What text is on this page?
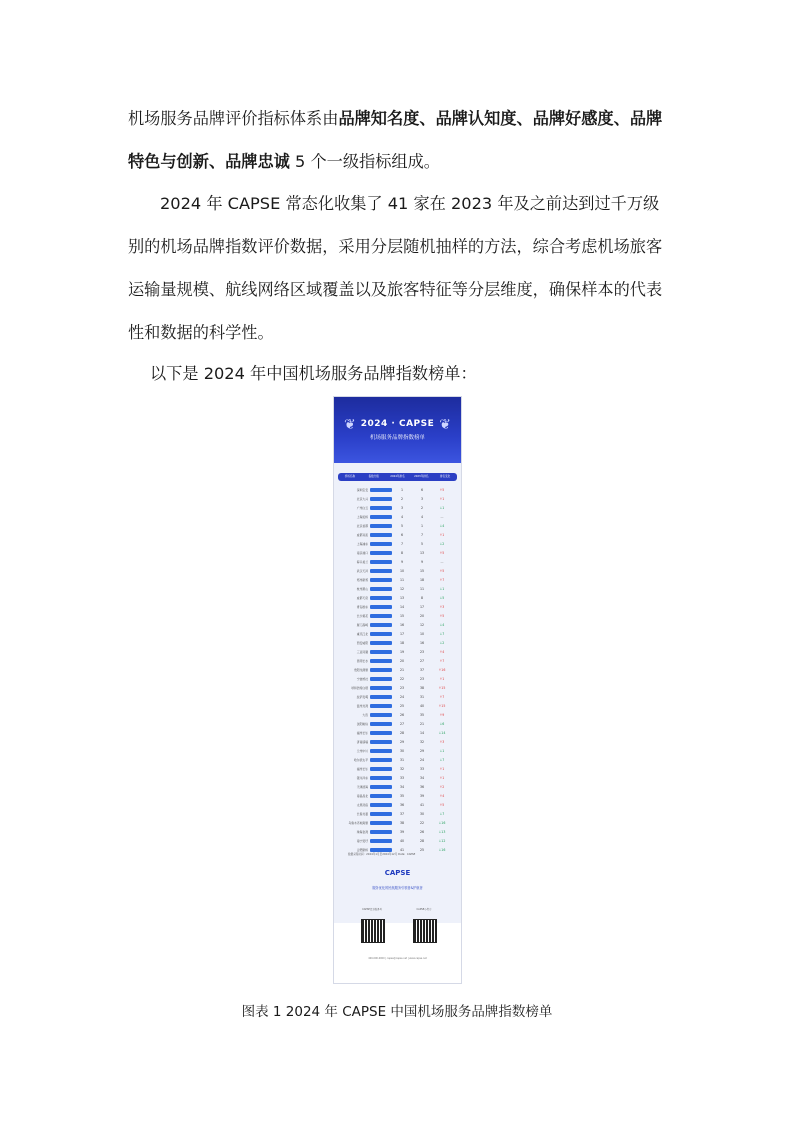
机场服务品牌评价指标体系由品牌知名度、品牌认知度、品牌好感度、品牌特色与创新、品牌忠诚 5 个一级指标组成。

2024 年 CAPSE 常态化收集了 41 家在 2023 年及之前达到过千万级别的机场品牌指数评价数据，采用分层随机抽样的方法，综合考虑机场旅客运输量规模、航线网络区域覆盖以及旅客特征等分层维度，确保样本的代表性和数据的科学性。

以下是 2024 年中国机场服务品牌指数榜单：

❦	❦
2024 · CAPSE
机场服务品牌指数榜单
机场名称	指数分值	2024年排名	2023年排名	排名变化
深圳宝安	1	6	↑5
北京大兴	2	3	↑1
广州白云	3	2	↓1
上海虹桥	4	4	—
北京首都	5	1	↓4
成都双流	6	7	↑1
上海浦东	7	5	↓2
南京禄口	8	13	↑5
海口美兰	9	9	—
武汉天河	10	15	↑5
郑州新郑	11	18	↑7
杭州萧山	12	11	↓1
成都天府	13	8	↓5
青岛胶东	14	17	↑3
长沙黄花	15	20	↑5
厦门高崎	16	12	↓4
重庆江北	17	10	↓7
西安咸阳	18	16	↓2
三亚凤凰	19	23	↑4
昆明长水	20	27	↑7
贵阳龙洞堡	21	37	↑16
宁波栎社	22	23	↑1
呼和浩特白塔	23	38	↑15
拉萨贡嘎	24	31	↑7
温州龙湾	25	40	↑15
大连	26	35	↑9
沈阳桃仙	27	21	↓6
福州长乐	28	14	↓14
济南遥墙	29	32	↑3
兰州中川	30	29	↓1
哈尔滨太平	31	24	↓7
福州长乐	32	33	↑1
银川河东	33	34	↑1
天津滨海	34	36	↑2
南昌昌北	35	39	↑4
太原武宿	36	41	↑5
长春龙嘉	37	30	↓7
乌鲁木齐地窝堡	38	22	↓16
珠海金湾	39	26	↓13
南宁吴圩	40	28	↓12
合肥新桥	41	25	↓16
数据采集时间：2024年1月至2024年12月 Data：CAPSE
CAPSE
服务优化的民航服务引领者&护航者
CAPSE官方服务号	CAPSE小程序
400-000-0000 | capse@capse.net | www.capse.net
图表 1 2024 年 CAPSE 中国机场服务品牌指数榜单
